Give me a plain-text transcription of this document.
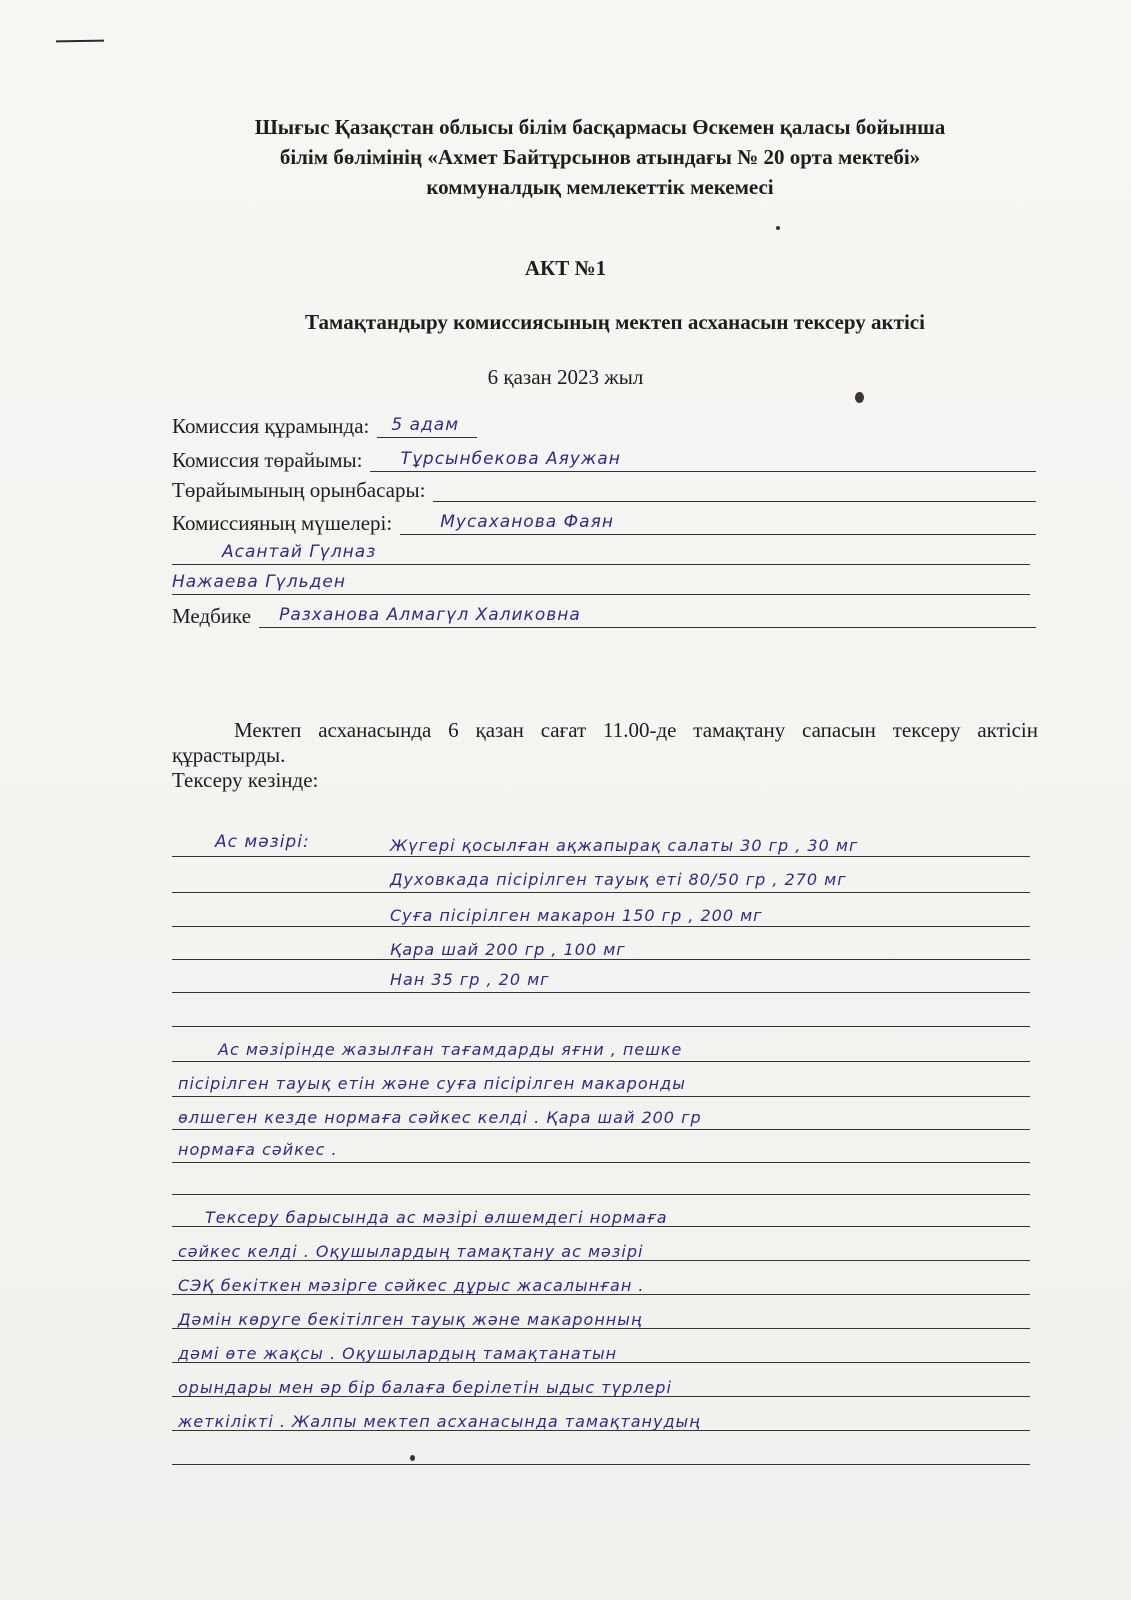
Шығыс Қазақстан облысы білім басқармасы Өскемен қаласы бойынша
білім бөлімінің «Ахмет Байтұрсынов атындағы № 20 орта мектебі»
коммуналдық мемлекеттік мекемесі
АКТ №1
Тамақтандыру комиссиясының мектеп асханасын тексеру актісі
6 қазан 2023 жыл
Комиссия құрамында: 5 адам
Комиссия төрайымы: Тұрсынбекова Аяужан
Төрайымының орынбасары:
Комиссияның мүшелері:	Мусаханова Фаян
Асантай Гүлназ
Нажаева Гүльден
Медбике Разханова Алмагүл Халиковна
Мектеп асханасында 6 қазан сағат 11.00-де тамақтану сапасын тексеру актісін құрастырды.
Тексеру кезінде:
Ас мәзірі:	Жүгері қосылған ақжапырақ салаты 30 гр , 30 мг
Духовкада пісірілген тауық еті 80/50 гр , 270 мг
Суға пісірілген макарон 150 гр , 200 мг
Қара шай 200 гр , 100 мг
Нан 35 гр , 20 мг
Ас мәзірінде жазылған тағамдарды яғни , пешке
пісірілген тауық етін және суға пісірілген макаронды
өлшеген кезде нормаға сәйкес келді . Қара шай 200 гр
нормаға сәйкес .
Тексеру барысында ас мәзірі өлшемдегі нормаға
сәйкес келді . Оқушылардың тамақтану ас мәзірі
СЭҚ бекіткен мәзірге сәйкес дұрыс жасалынған .
Дәмін көруге бекітілген тауық және макаронның
дәмі өте жақсы . Оқушылардың тамақтанатын
орындары мен әр бір балаға берілетін ыдыс түрлері
жеткілікті . Жалпы мектеп асханасында тамақтанудың
